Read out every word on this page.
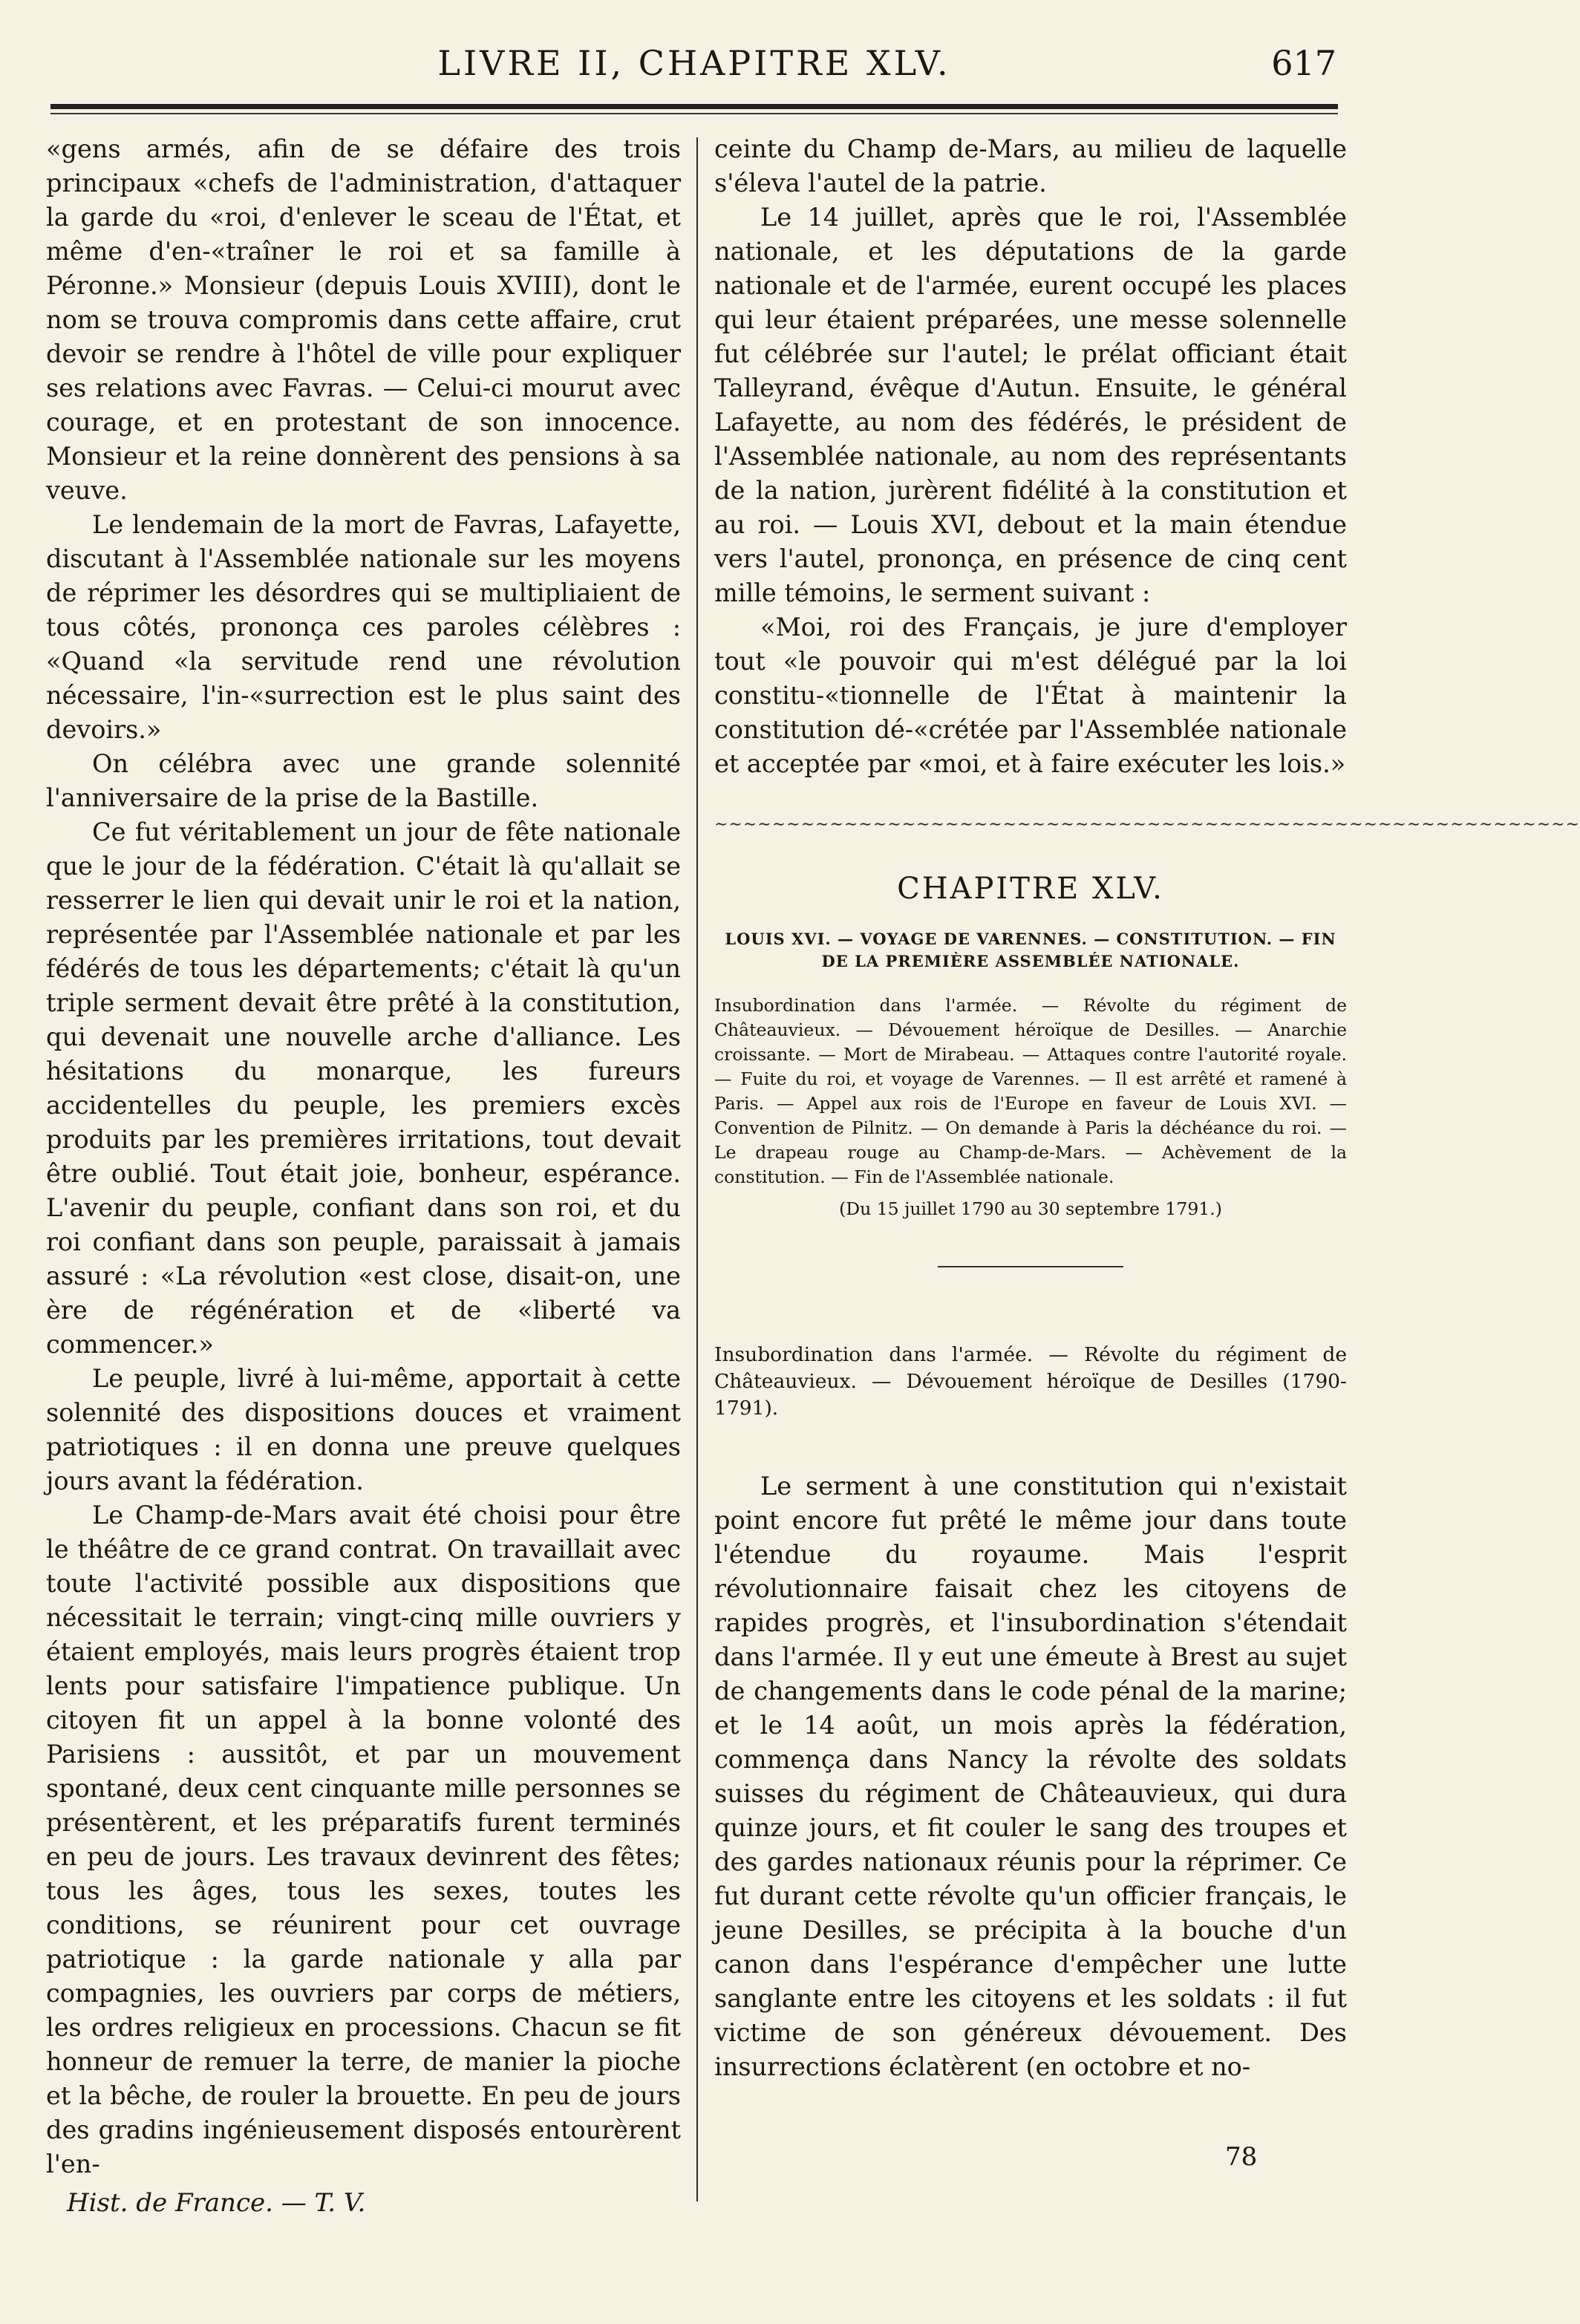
LIVRE II, CHAPITRE XLV.	617

«gens armés, afin de se défaire des trois principaux «chefs de l'administration, d'attaquer la garde du «roi, d'enlever le sceau de l'État, et même d'en-«traîner le roi et sa famille à Péronne.» Monsieur (depuis Louis XVIII), dont le nom se trouva compromis dans cette affaire, crut devoir se rendre à l'hôtel de ville pour expliquer ses relations avec Favras. — Celui-ci mourut avec courage, et en protestant de son innocence. Monsieur et la reine donnèrent des pensions à sa veuve.

Le lendemain de la mort de Favras, Lafayette, discutant à l'Assemblée nationale sur les moyens de réprimer les désordres qui se multipliaient de tous côtés, prononça ces paroles célèbres : «Quand «la servitude rend une révolution nécessaire, l'in-«surrection est le plus saint des devoirs.»

On célébra avec une grande solennité l'anniversaire de la prise de la Bastille.

Ce fut véritablement un jour de fête nationale que le jour de la fédération. C'était là qu'allait se resserrer le lien qui devait unir le roi et la nation, représentée par l'Assemblée nationale et par les fédérés de tous les départements; c'était là qu'un triple serment devait être prêté à la constitution, qui devenait une nouvelle arche d'alliance. Les hésitations du monarque, les fureurs accidentelles du peuple, les premiers excès produits par les premières irritations, tout devait être oublié. Tout était joie, bonheur, espérance. L'avenir du peuple, confiant dans son roi, et du roi confiant dans son peuple, paraissait à jamais assuré : «La révolution «est close, disait-on, une ère de régénération et de «liberté va commencer.»

Le peuple, livré à lui-même, apportait à cette solennité des dispositions douces et vraiment patriotiques : il en donna une preuve quelques jours avant la fédération.

Le Champ-de-Mars avait été choisi pour être le théâtre de ce grand contrat. On travaillait avec toute l'activité possible aux dispositions que nécessitait le terrain; vingt-cinq mille ouvriers y étaient employés, mais leurs progrès étaient trop lents pour satisfaire l'impatience publique. Un citoyen fit un appel à la bonne volonté des Parisiens : aussitôt, et par un mouvement spontané, deux cent cinquante mille personnes se présentèrent, et les préparatifs furent terminés en peu de jours. Les travaux devinrent des fêtes; tous les âges, tous les sexes, toutes les conditions, se réunirent pour cet ouvrage patriotique : la garde nationale y alla par compagnies, les ouvriers par corps de métiers, les ordres religieux en processions. Chacun se fit honneur de remuer la terre, de manier la pioche et la bêche, de rouler la brouette. En peu de jours des gradins ingénieusement disposés entourèrent l'en-

Hist. de France. — T. V.

ceinte du Champ de-Mars, au milieu de laquelle s'éleva l'autel de la patrie.

Le 14 juillet, après que le roi, l'Assemblée nationale, et les députations de la garde nationale et de l'armée, eurent occupé les places qui leur étaient préparées, une messe solennelle fut célébrée sur l'autel; le prélat officiant était Talleyrand, évêque d'Autun. Ensuite, le général Lafayette, au nom des fédérés, le président de l'Assemblée nationale, au nom des représentants de la nation, jurèrent fidélité à la constitution et au roi. — Louis XVI, debout et la main étendue vers l'autel, prononça, en présence de cinq cent mille témoins, le serment suivant :

«Moi, roi des Français, je jure d'employer tout «le pouvoir qui m'est délégué par la loi constitu-«tionnelle de l'État à maintenir la constitution dé-«crétée par l'Assemblée nationale et acceptée par «moi, et à faire exécuter les lois.»

∼∼∼∼∼∼∼∼∼∼∼∼∼∼∼∼∼∼∼∼∼∼∼∼∼∼∼∼∼∼∼∼∼∼∼∼∼∼∼∼∼∼∼∼∼∼∼∼∼∼∼∼∼∼∼∼∼∼∼∼
CHAPITRE XLV.
LOUIS XVI. — VOYAGE DE VARENNES. — CONSTITUTION. — FIN DE LA PREMIÈRE ASSEMBLÉE NATIONALE.

Insubordination dans l'armée. — Révolte du régiment de Châteauvieux. — Dévouement héroïque de Desilles. — Anarchie croissante. — Mort de Mirabeau. — Attaques contre l'autorité royale. — Fuite du roi, et voyage de Varennes. — Il est arrêté et ramené à Paris. — Appel aux rois de l'Europe en faveur de Louis XVI. — Convention de Pilnitz. — On demande à Paris la déchéance du roi. — Le drapeau rouge au Champ-de-Mars. — Achèvement de la constitution. — Fin de l'Assemblée nationale.

(Du 15 juillet 1790 au 30 septembre 1791.)

Insubordination dans l'armée. — Révolte du régiment de Châteauvieux. — Dévouement héroïque de Desilles (1790-1791).

Le serment à une constitution qui n'existait point encore fut prêté le même jour dans toute l'étendue du royaume. Mais l'esprit révolutionnaire faisait chez les citoyens de rapides progrès, et l'insubordination s'étendait dans l'armée. Il y eut une émeute à Brest au sujet de changements dans le code pénal de la marine; et le 14 août, un mois après la fédération, commença dans Nancy la révolte des soldats suisses du régiment de Châteauvieux, qui dura quinze jours, et fit couler le sang des troupes et des gardes nationaux réunis pour la réprimer. Ce fut durant cette révolte qu'un officier français, le jeune Desilles, se précipita à la bouche d'un canon dans l'espérance d'empêcher une lutte sanglante entre les citoyens et les soldats : il fut victime de son généreux dévouement. Des insurrections éclatèrent (en octobre et no-

78
